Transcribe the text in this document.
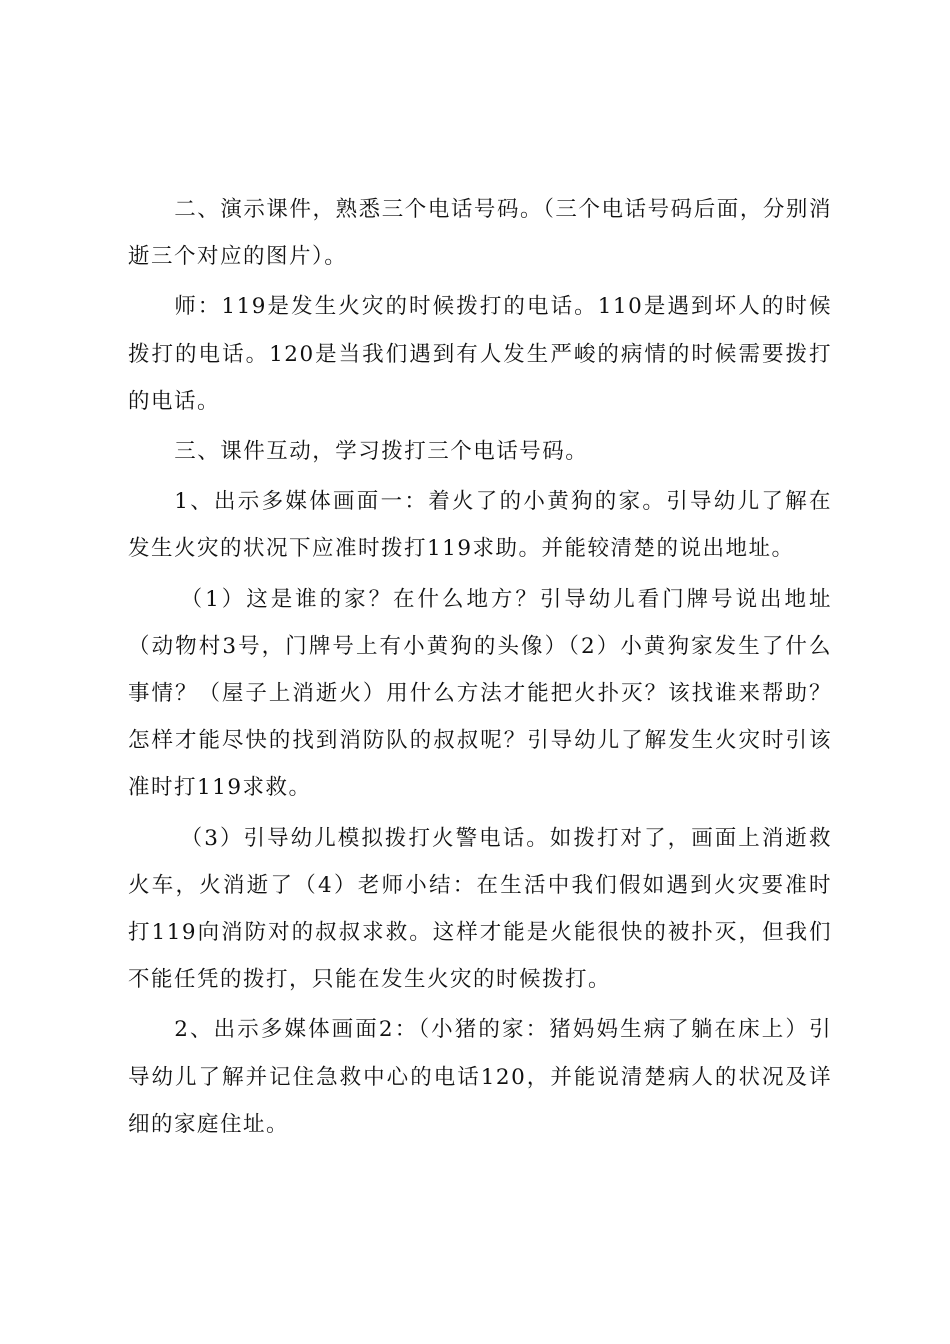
二、演示课件，熟悉三个电话号码。（三个电话号码后面，分别消逝三个对应的图片）。

师：119是发生火灾的时候拨打的电话。110是遇到坏人的时候拨打的电话。120是当我们遇到有人发生严峻的病情的时候需要拨打的电话。

三、课件互动，学习拨打三个电话号码。

1、出示多媒体画面一：着火了的小黄狗的家。引导幼儿了解在发生火灾的状况下应准时拨打119求助。并能较清楚的说出地址。

（1）这是谁的家？在什么地方？引导幼儿看门牌号说出地址（动物村3号，门牌号上有小黄狗的头像）（2）小黄狗家发生了什么事情？（屋子上消逝火）用什么方法才能把火扑灭？该找谁来帮助？怎样才能尽快的找到消防队的叔叔呢？引导幼儿了解发生火灾时引该准时打119求救。

（3）引导幼儿模拟拨打火警电话。如拨打对了，画面上消逝救火车，火消逝了（4）老师小结：在生活中我们假如遇到火灾要准时打119向消防对的叔叔求救。这样才能是火能很快的被扑灭，但我们不能任凭的拨打，只能在发生火灾的时候拨打。

2、出示多媒体画面2：（小猪的家：猪妈妈生病了躺在床上）引导幼儿了解并记住急救中心的电话120，并能说清楚病人的状况及详细的家庭住址。
